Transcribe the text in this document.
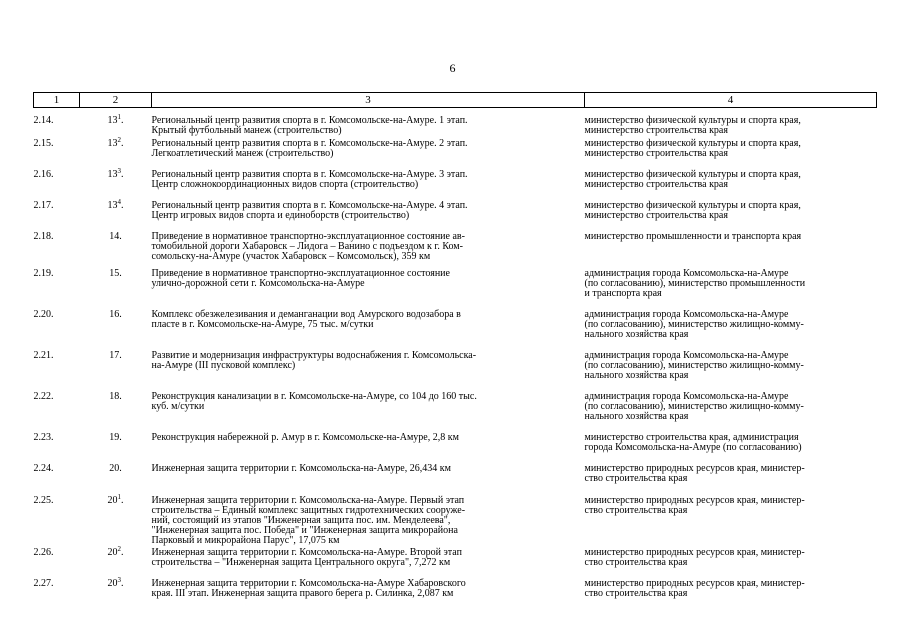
6
1	2	3	4
2.14.	$13^1$.	Региональный центр развития спорта в г. Комсомольске-на-Амуре. 1 этап.
Крытый футбольный манеж (строительство)	министерство физической культуры и спорта края,
министерство строительства края

2.15.	$13^2$.	Региональный центр развития спорта в г. Комсомольске-на-Амуре. 2 этап.
Легкоатлетический манеж (строительство)	министерство физической культуры и спорта края,
министерство строительства края

2.16.	$13^3$.	Региональный центр развития спорта в г. Комсомольске-на-Амуре. 3 этап.
Центр сложнокоординационных видов спорта (строительство)	министерство физической культуры и спорта края,
министерство строительства края

2.17.	$13^4$.	Региональный центр развития спорта в г. Комсомольске-на-Амуре. 4 этап.
Центр игровых видов спорта и единоборств (строительство)	министерство физической культуры и спорта края,
министерство строительства края

2.18.	14.	Приведение в нормативное транспортно-эксплуатационное состояние ав-
томобильной дороги Хабаровск – Лидога – Ванино с подъездом к г. Ком-
сомольску-на-Амуре (участок Хабаровск – Комсомольск), 359 км	министерство промышленности и транспорта края

2.19.	15.	Приведение в нормативное транспортно-эксплуатационное состояние
улично-дорожной сети г. Комсомольска-на-Амуре	администрация города Комсомольска-на-Амуре
(по согласованию), министерство промышленности
и транспорта края

2.20.	16.	Комплекс обезжелезивания и деманганации вод Амурского водозабора в
пласте в г. Комсомольске-на-Амуре, 75 тыс. м/сутки	администрация города Комсомольска-на-Амуре
(по согласованию), министерство жилищно-комму-
нального хозяйства края

2.21.	17.	Развитие и модернизация инфраструктуры водоснабжения г. Комсомольска-
на-Амуре (III пусковой комплекс)	администрация города Комсомольска-на-Амуре
(по согласованию), министерство жилищно-комму-
нального хозяйства края

2.22.	18.	Реконструкция канализации в г. Комсомольске-на-Амуре, со 104 до 160 тыс.
куб. м/сутки	администрация города Комсомольска-на-Амуре
(по согласованию), министерство жилищно-комму-
нального хозяйства края

2.23.	19.	Реконструкция набережной р. Амур в г. Комсомольске-на-Амуре, 2,8 км	министерство строительства края, администрация
города Комсомольска-на-Амуре (по согласованию)

2.24.	20.	Инженерная защита территории г. Комсомольска-на-Амуре, 26,434 км	министерство природных ресурсов края, министер-
ство строительства края

2.25.	$20^1$.	Инженерная защита территории г. Комсомольска-на-Амуре. Первый этап
строительства – Единый комплекс защитных гидротехнических сооруже-
ний, состоящий из этапов "Инженерная защита пос. им. Менделеева",
"Инженерная защита пос. Победа" и "Инженерная защита микрорайона
Парковый и микрорайона Парус", 17,075 км	министерство природных ресурсов края, министер-
ство строительства края

2.26.	$20^2$.	Инженерная защита территории г. Комсомольска-на-Амуре. Второй этап
строительства – "Инженерная защита Центрального округа", 7,272 км	министерство природных ресурсов края, министер-
ство строительства края

2.27.	$20^3$.	Инженерная защита территории г. Комсомольска-на-Амуре Хабаровского
края. III этап. Инженерная защита правого берега р. Силинка, 2,087 км	министерство природных ресурсов края, министер-
ство строительства края
